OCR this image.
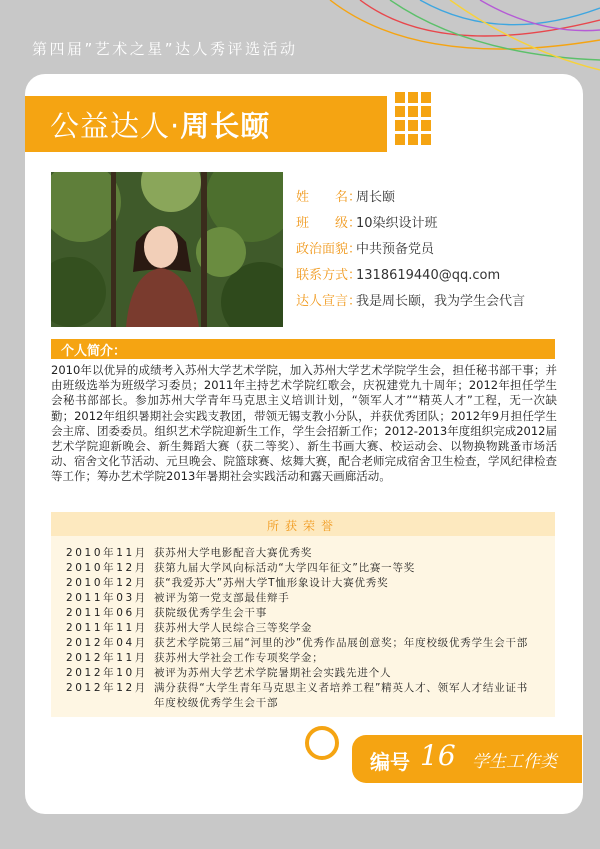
第四届”艺术之星”达人秀评选活动
公益达人·周长颐
姓　　名：周长颐
班　　级：10染织设计班
政治面貌：中共预备党员
联系方式：1318619440@qq.com
达人宣言：我是周长颐，我为学生会代言
个人简介：

2010年以优异的成绩考入苏州大学艺术学院，加入苏州大学艺术学院学生会，担任秘书部干事；并由班级选举为班级学习委员；2011年主持艺术学院红歌会，庆祝建党九十周年；2012年担任学生会秘书部部长。参加苏州大学青年马克思主义培训计划，“领军人才”“精英人才”工程，无一次缺勤；2012年组织暑期社会实践支教团，带领无锡支教小分队，并获优秀团队；2012年9月担任学生会主席、团委委员。组织艺术学院迎新生工作，学生会招新工作；2012-2013年度组织完成2012届艺术学院迎新晚会、新生舞蹈大赛（获二等奖）、新生书画大赛、校运动会、以物换物跳蚤市场活动、宿舍文化节活动、元旦晚会、院篮球赛、炫舞大赛，配合老师完成宿舍卫生检查，学风纪律检查等工作；筹办艺术学院2013年暑期社会实践活动和露天画廊活动。

所获荣誉
2010年11月 获苏州大学电影配音大赛优秀奖
2010年12月 获第九届大学风向标活动“大学四年征文”比赛一等奖
2010年12月 获“我爱苏大”苏州大学T恤形象设计大赛优秀奖
2011年03月 被评为第一党支部最佳辩手
2011年06月 获院级优秀学生会干事
2011年11月 获苏州大学人民综合三等奖学金
2012年04月 获艺术学院第三届“河里的沙”优秀作品展创意奖；年度校级优秀学生会干部
2012年11月 获苏州大学社会工作专项奖学金；
2012年10月 被评为苏州大学艺术学院暑期社会实践先进个人
2012年12月 满分获得“大学生青年马克思主义者培养工程”精英人才、领军人才结业证书
年度校级优秀学生会干部
编号 16 学生工作类
